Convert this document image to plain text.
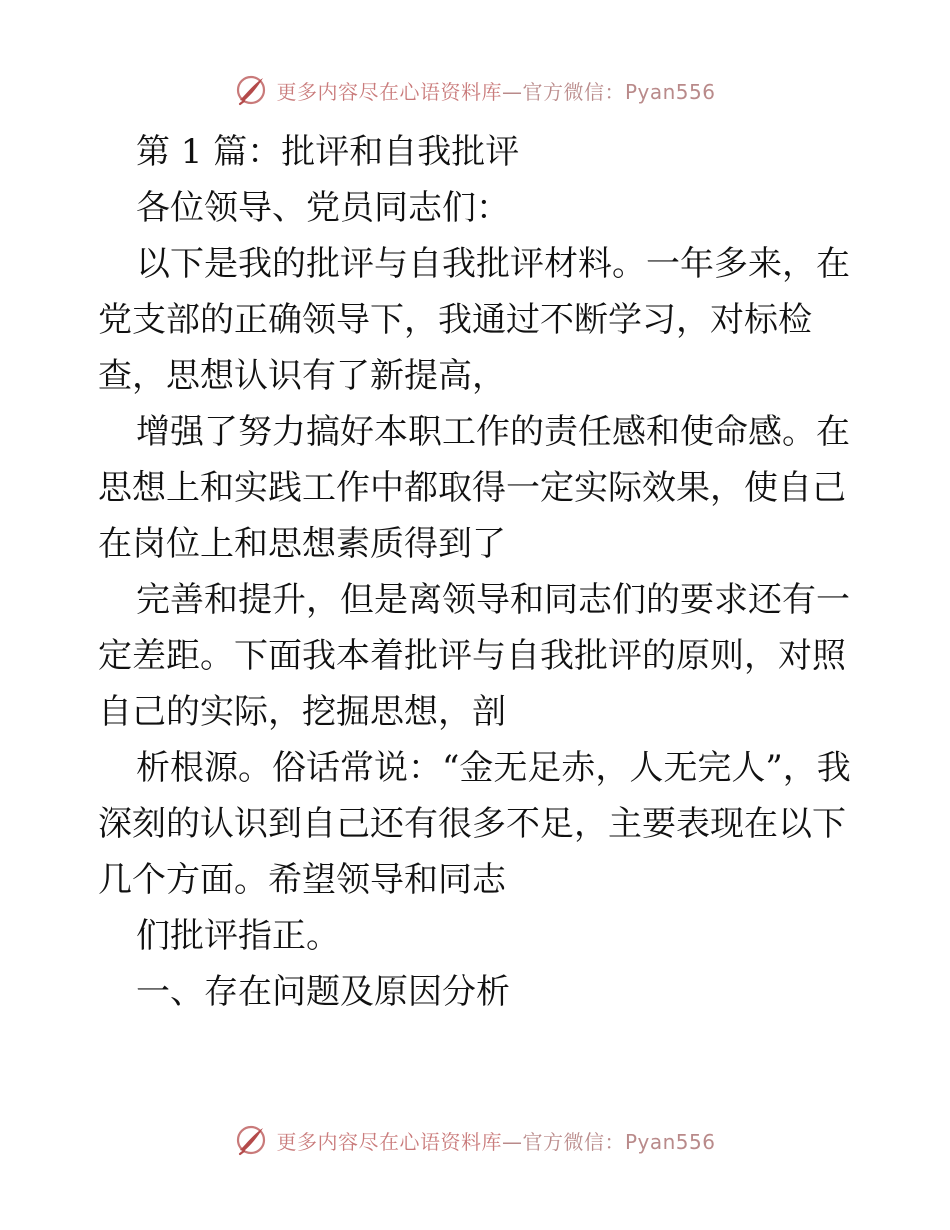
更多内容尽在心语资料库—官方微信：Pyan556

第 1 篇：批评和自我批评

各位领导、党员同志们：

以下是我的批评与自我批评材料。一年多来，在党支部的正确领导下，我通过不断学习，对标检查，思想认识有了新提高，

增强了努力搞好本职工作的责任感和使命感。在思想上和实践工作中都取得一定实际效果，使自己在岗位上和思想素质得到了

完善和提升，但是离领导和同志们的要求还有一定差距。下面我本着批评与自我批评的原则，对照自己的实际，挖掘思想，剖

析根源。俗话常说：“金无足赤，人无完人”，我深刻的认识到自己还有很多不足，主要表现在以下几个方面。希望领导和同志

们批评指正。

一、存在问题及原因分析

更多内容尽在心语资料库—官方微信：Pyan556
